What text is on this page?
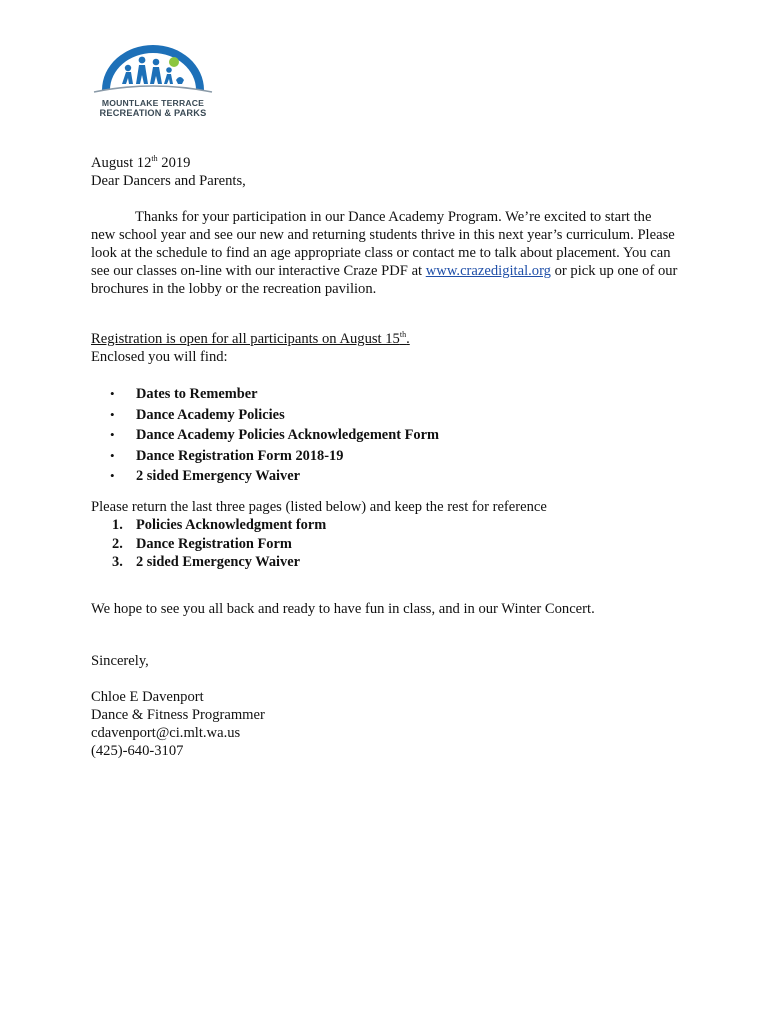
MOUNTLAKE TERRACE
RECREATION & PARKS
August 12th 2019
Dear Dancers and Parents,
Thanks for your participation in our Dance Academy Program. We’re excited to start the
new school year and see our new and returning students thrive in this next year’s curriculum. Please
look at the schedule to find an age appropriate class or contact me to talk about placement. You can
see our classes on-line with our interactive Craze PDF at www.crazedigital.org or pick up one of our
brochures in the lobby or the recreation pavilion.
Registration is open for all participants on August 15th.
Enclosed you will find:
• Dates to Remember
• Dance Academy Policies
• Dance Academy Policies Acknowledgement Form
• Dance Registration Form 2018-19
• 2 sided Emergency Waiver
Please return the last three pages (listed below) and keep the rest for reference
1. Policies Acknowledgment form
2. Dance Registration Form
3. 2 sided Emergency Waiver
We hope to see you all back and ready to have fun in class, and in our Winter Concert.
Sincerely,
Chloe E Davenport
Dance & Fitness Programmer
cdavenport@ci.mlt.wa.us
(425)-640-3107
